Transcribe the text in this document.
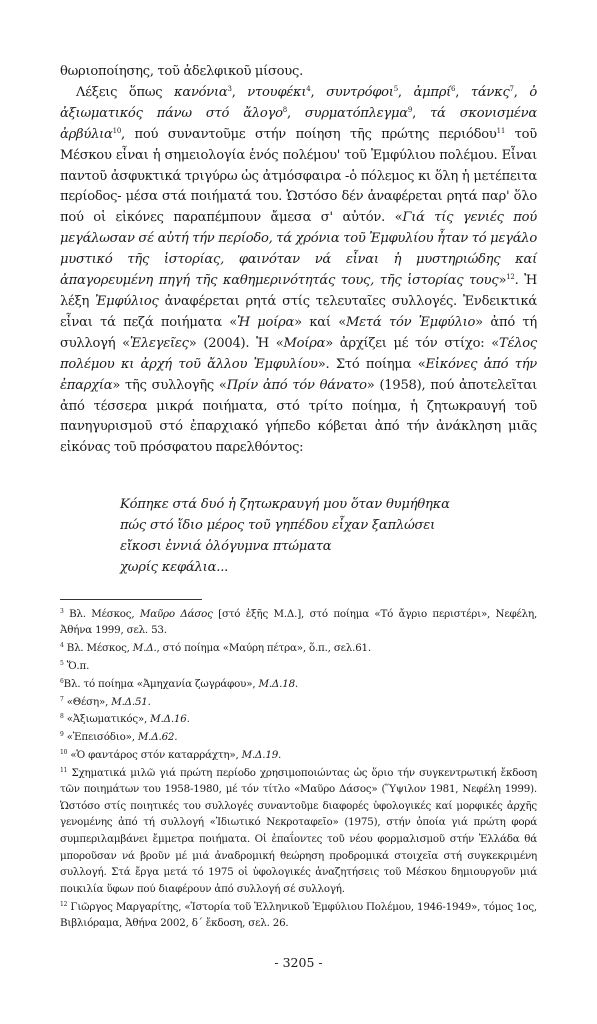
θωριοποίησης, τοῦ ἀδελφικοῦ μίσους.

Λέξεις ὅπως κανόνια$^3$, ντουφέκι$^4$, συντρόφοι$^5$, ἀμπρί$^6$, τάνκς$^7$, ὁ ἀξιωματικός πάνω στό ἄλογο$^8$, συρματόπλεγμα$^9$, τά σκονισμένα ἀρβύλια$^{10}$, πού συναντοῦμε στήν ποίηση τῆς πρώτης περιόδου$^{11}$ τοῦ Μέσκου εἶναι ἡ σημειολογία ἑνός πολέμου' τοῦ Ἐμφύλιου πολέμου. Εἶναι παντοῦ ἀσφυκτικά τριγύρω ὡς ἀτμόσφαιρα -ὁ πόλεμος κι ὅλη ἡ μετέπειτα περίοδος- μέσα στά ποιήματά του. Ὡστόσο δέν ἀναφέρεται ρητά παρ' ὅλο πού οἱ εἰκόνες παραπέμπουν ἄμεσα σ' αὐτόν. «Γιά τίς γενιές πού μεγάλωσαν σέ αὐτή τήν περίοδο, τά χρόνια τοῦ Ἐμφυλίου ἦταν τό μεγάλο μυστικό τῆς ἱστορίας, φαινόταν νά εἶναι ἡ μυστηριώδης καί ἀπαγορευμένη πηγή τῆς καθημερινότητάς τους, τῆς ἱστορίας τους»$^{12}$. Ἡ λέξη Ἐμφύλιος ἀναφέρεται ρητά στίς τελευταῖες συλλογές. Ἐνδεικτικά εἶναι τά πεζά ποιήματα «Ἡ μοίρα» καί «Μετά τόν Ἐμφύλιο» ἀπό τή συλλογή «Ἐλεγεῖες» (2004). Ἡ «Μοίρα» ἀρχίζει μέ τόν στίχο: «Τέλος πολέμου κι ἀρχή τοῦ ἄλλου Ἐμφυλίου». Στό ποίημα «Εἰκόνες ἀπό τήν ἐπαρχία» τῆς συλλογῆς «Πρίν ἀπό τόν θάνατο» (1958), πού ἀποτελεῖται ἀπό τέσσερα μικρά ποιήματα, στό τρίτο ποίημα, ἡ ζητωκραυγή τοῦ πανηγυρισμοῦ στό ἐπαρχιακό γήπεδο κόβεται ἀπό τήν ἀνάκληση μιᾶς εἰκόνας τοῦ πρόσφατου παρελθόντος:

Κόπηκε στά δυό ἡ ζητωκραυγή μου ὅταν θυμήθηκα
πώς στό ἴδιο μέρος τοῦ γηπέδου εἶχαν ξαπλώσει
εἴκοσι ἐννιά ὁλόγυμνα πτώματα
χωρίς κεφάλια...
$^3$ Βλ. Μέσκος, Μαῦρο Δάσος [στό ἑξῆς Μ.Δ.], στό ποίημα «Τό ἄγριο περιστέρι», Νεφέλη, Ἀθήνα 1999, σελ. 53.
$^4$ Βλ. Μέσκος, Μ.Δ., στό ποίημα «Μαύρη πέτρα», ὅ.π., σελ.61.
$^5$ Ὅ.π.
$^6$Βλ. τό ποίημα «Ἀμηχανία ζωγράφου», Μ.Δ.18.
$^7$ «Θέση», Μ.Δ.51.
$^8$ «Ἀξιωματικός», Μ.Δ.16.
$^9$ «Ἐπεισόδιο», Μ.Δ.62.
$^{10}$ «Ὁ φαντάρος στόν καταρράχτη», Μ.Δ.19.
$^{11}$ Σχηματικά μιλῶ γιά πρώτη περίοδο χρησιμοποιώντας ὡς ὅριο τήν συγκεντρωτική ἔκδοση τῶν ποιημάτων του 1958-1980, μέ τόν τίτλο «Μαῦρο Δάσος» (Ὕψιλον 1981, Νεφέλη 1999). Ὡστόσο στίς ποιητικές του συλλογές συναντοῦμε διαφορές ὑφολογικές καί μορφικές ἀρχῆς γενομένης ἀπό τή συλλογή «Ἰδιωτικό Νεκροταφεῖο» (1975), στήν ὁποία γιά πρώτη φορά συμπεριλαμβάνει ἔμμετρα ποιήματα. Οἱ ἐπαΐοντες τοῦ νέου φορμαλισμοῦ στήν Ἑλλάδα θά μποροῦσαν νά βροῦν μέ μιά ἀναδρομική θεώρηση προδρομικά στοιχεῖα στή συγκεκριμένη συλλογή. Στά ἔργα μετά τό 1975 οἱ ὑφολογικές ἀναζητήσεις τοῦ Μέσκου δημιουργοῦν μιά ποικιλία ὕφων πού διαφέρουν ἀπό συλλογή σέ συλλογή.
$^{12}$ Γιῶργος Μαργαρίτης, «Ἱστορία τοῦ Ἑλληνικοῦ Ἐμφύλιου Πολέμου, 1946-1949», τόμος 1ος, Βιβλιόραμα, Ἀθήνα 2002, δ΄ ἔκδοση, σελ. 26.
- 3205 -
